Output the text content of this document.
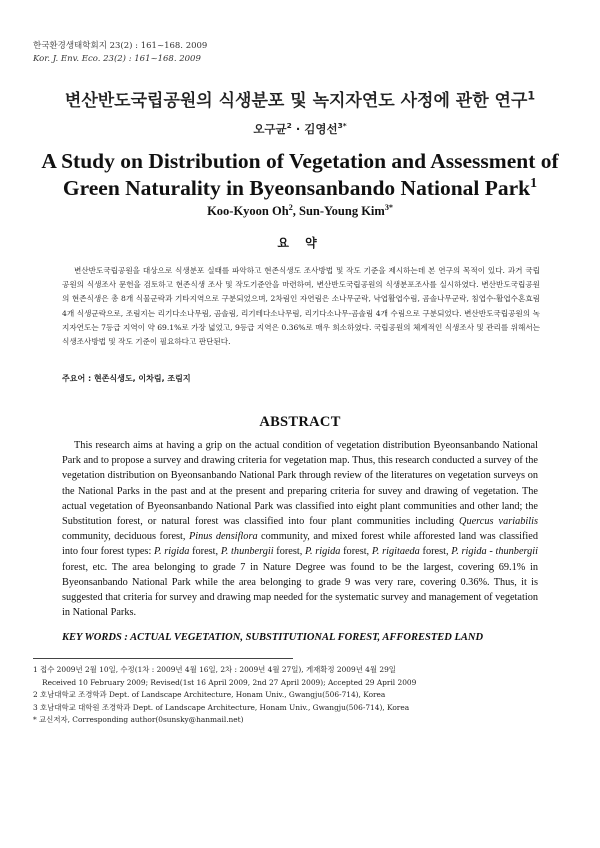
한국환경생태학회지 23(2) : 161~168. 2009
Kor. J. Env. Eco. 23(2) : 161~168. 2009
변산반도국립공원의 식생분포 및 녹지자연도 사정에 관한 연구$^1$
오구균$^2$ · 김영선$^{3*}$
A Study on Distribution of Vegetation and Assessment of
Green Naturality in Byeonsanbando National Park$^1$
Koo-Kyoon Oh$^2$, Sun-Young Kim$^{3*}$
요 약
변산반도국립공원을 대상으로 식생분포 실태를 파악하고 현존식생도 조사방법 및 작도 기준을 제시하는데 본 연구의 목적이 있다. 과거 국립공원의 식생조사 문헌을 검토하고 현존식생 조사 및 작도기준안을 마련하여, 변산반도국립공원의 식생분포조사를 실시하였다. 변산반도국립공원의 현존식생은 총 8개 식물군락과 기타지역으로 구분되었으며, 2차림인 자연림은 소나무군락, 낙엽활엽수림, 곰솔나무군락, 침엽수-활엽수혼효림 4개 식생군락으로, 조림지는 리기다소나무림, 곰솔림, 리기테다소나무림, 리기다소나무-곰솔림 4개 수림으로 구분되었다. 변산반도국립공원의 녹지자연도는 7등급 지역이 약 69.1%로 가장 넓었고, 9등급 지역은 0.36%로 매우 희소하였다. 국립공원의 체계적인 식생조사 및 관리를 위해서는 식생조사방법 및 작도 기준이 필요하다고 판단된다.
주요어 : 현존식생도, 이차림, 조림지
ABSTRACT
This research aims at having a grip on the actual condition of vegetation distribution Byeonsanbando National Park and to propose a survey and drawing criteria for vegetation map. Thus, this research conducted a survey of the vegetation distribution on Byeonsanbando National Park through review of the literatures on vegetation surveys on the National Parks in the past and at the present and preparing criteria for suvey and drawing of vegetation. The actual vegetation of Byeonsanbando National Park was classified into eight plant communities and other land; the Substitution forest, or natural forest was classified into four plant communities including Quercus variabilis community, deciduous forest, Pinus densiflora community, and mixed forest while afforested land was classified into four forest types: P. rigida forest, P. thunbergii forest, P. rigida forest, P. rigitaeda forest, P. rigida - thunbergii forest, etc. The area belonging to grade 7 in Nature Degree was found to be the largest, covering 69.1% in Byeonsanbando National Park while the area belonging to grade 9 was very rare, covering 0.36%. Thus, it is suggested that criteria for survey and drawing map needed for the systematic survey and management of vegetation in National Parks.
KEY WORDS : ACTUAL VEGETATION, SUBSTITUTIONAL FOREST, AFFORESTED LAND
1 접수 2009년 2월 10일, 수정(1차 : 2009년 4월 16일, 2차 : 2009년 4월 27일), 게재확정 2009년 4월 29일
Received 10 February 2009; Revised(1st 16 April 2009, 2nd 27 April 2009); Accepted 29 April 2009
2 호남대학교 조경학과 Dept. of Landscape Architecture, Honam Univ., Gwangju(506-714), Korea
3 호남대학교 대학원 조경학과 Dept. of Landscape Architecture, Honam Univ., Gwangju(506-714), Korea
* 교신저자, Corresponding author(0sunsky@hanmail.net)
